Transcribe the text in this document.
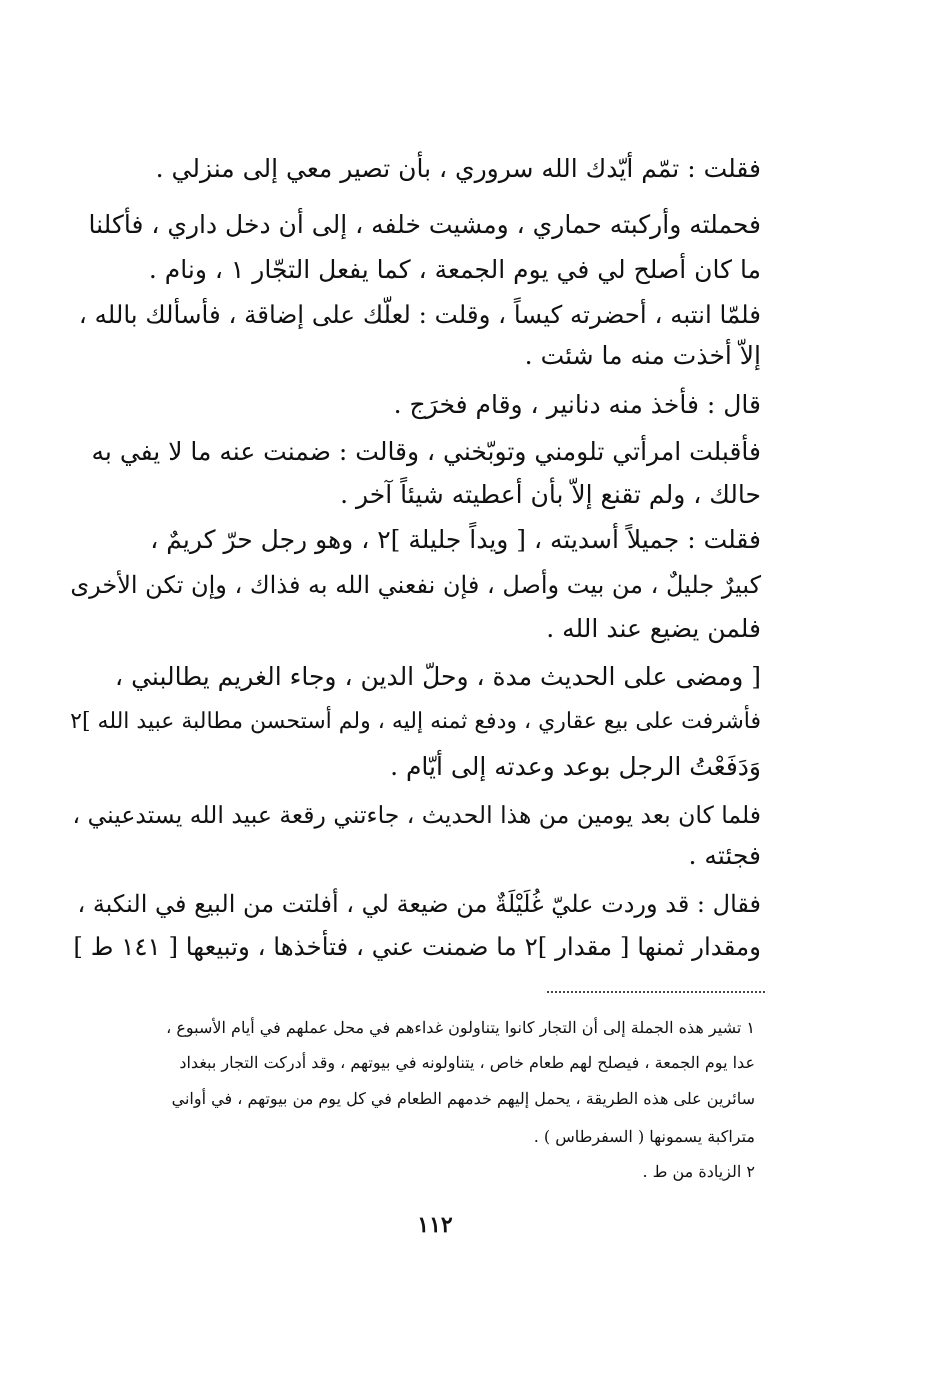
فقلت : تمّم أيّدك الله سروري ، بأن تصير معي إلى منزلي .
فحملته وأركبته حماري ، ومشيت خلفه ، إلى أن دخل داري ، فأكلنا
ما كان أصلح لي في يوم الجمعة ، كما يفعل التجّار ١ ، ونام .
فلمّا انتبه ، أحضرته كيساً ، وقلت : لعلّك على إضاقة ، فأسألك بالله ،
إلاّ أخذت منه ما شئت .
قال : فأخذ منه دنانير ، وقام فخرَج .
فأقبلت امرأتي تلومني وتوبّخني ، وقالت : ضمنت عنه ما لا يفي به
حالك ، ولم تقنع إلاّ بأن أعطيته شيئاً آخر .
فقلت : جميلاً أسديته ، [ ويداً جليلة ]٢ ، وهو رجل حرّ كريمٌ ،
كبيرٌ جليلٌ ، من بيت وأصل ، فإن نفعني الله به فذاك ، وإن تكن الأخرى
فلمن يضيع عند الله .
[ ومضى على الحديث مدة ، وحلّ الدين ، وجاء الغريم يطالبني ،
فأشرفت على بيع عقاري ، ودفع ثمنه إليه ، ولم أستحسن مطالبة عبيد الله ]٢
وَدَفَعْتُ الرجل بوعد وعدته إلى أيّام .
فلما كان بعد يومين من هذا الحديث ، جاءتني رقعة عبيد الله يستدعيني ،
فجئته .
فقال : قد وردت عليّ غُلَيْلَةٌ من ضيعة لي ، أفلتت من البيع في النكبة ،
ومقدار ثمنها [ مقدار ]٢ ما ضمنت عني ، فتأخذها ، وتبيعها [ ١٤١ ط ]
١ تشير هذه الجملة إلى أن التجار كانوا يتناولون غداءهم في محل عملهم في أيام الأسبوع ،
عدا يوم الجمعة ، فيصلح لهم طعام خاص ، يتناولونه في بيوتهم ، وقد أدركت التجار ببغداد
سائرين على هذه الطريقة ، يحمل إليهم خدمهم الطعام في كل يوم من بيوتهم ، في أواني
متراكبة يسمونها ( السفرطاس ) .
٢ الزيادة من ط .
١١٢
